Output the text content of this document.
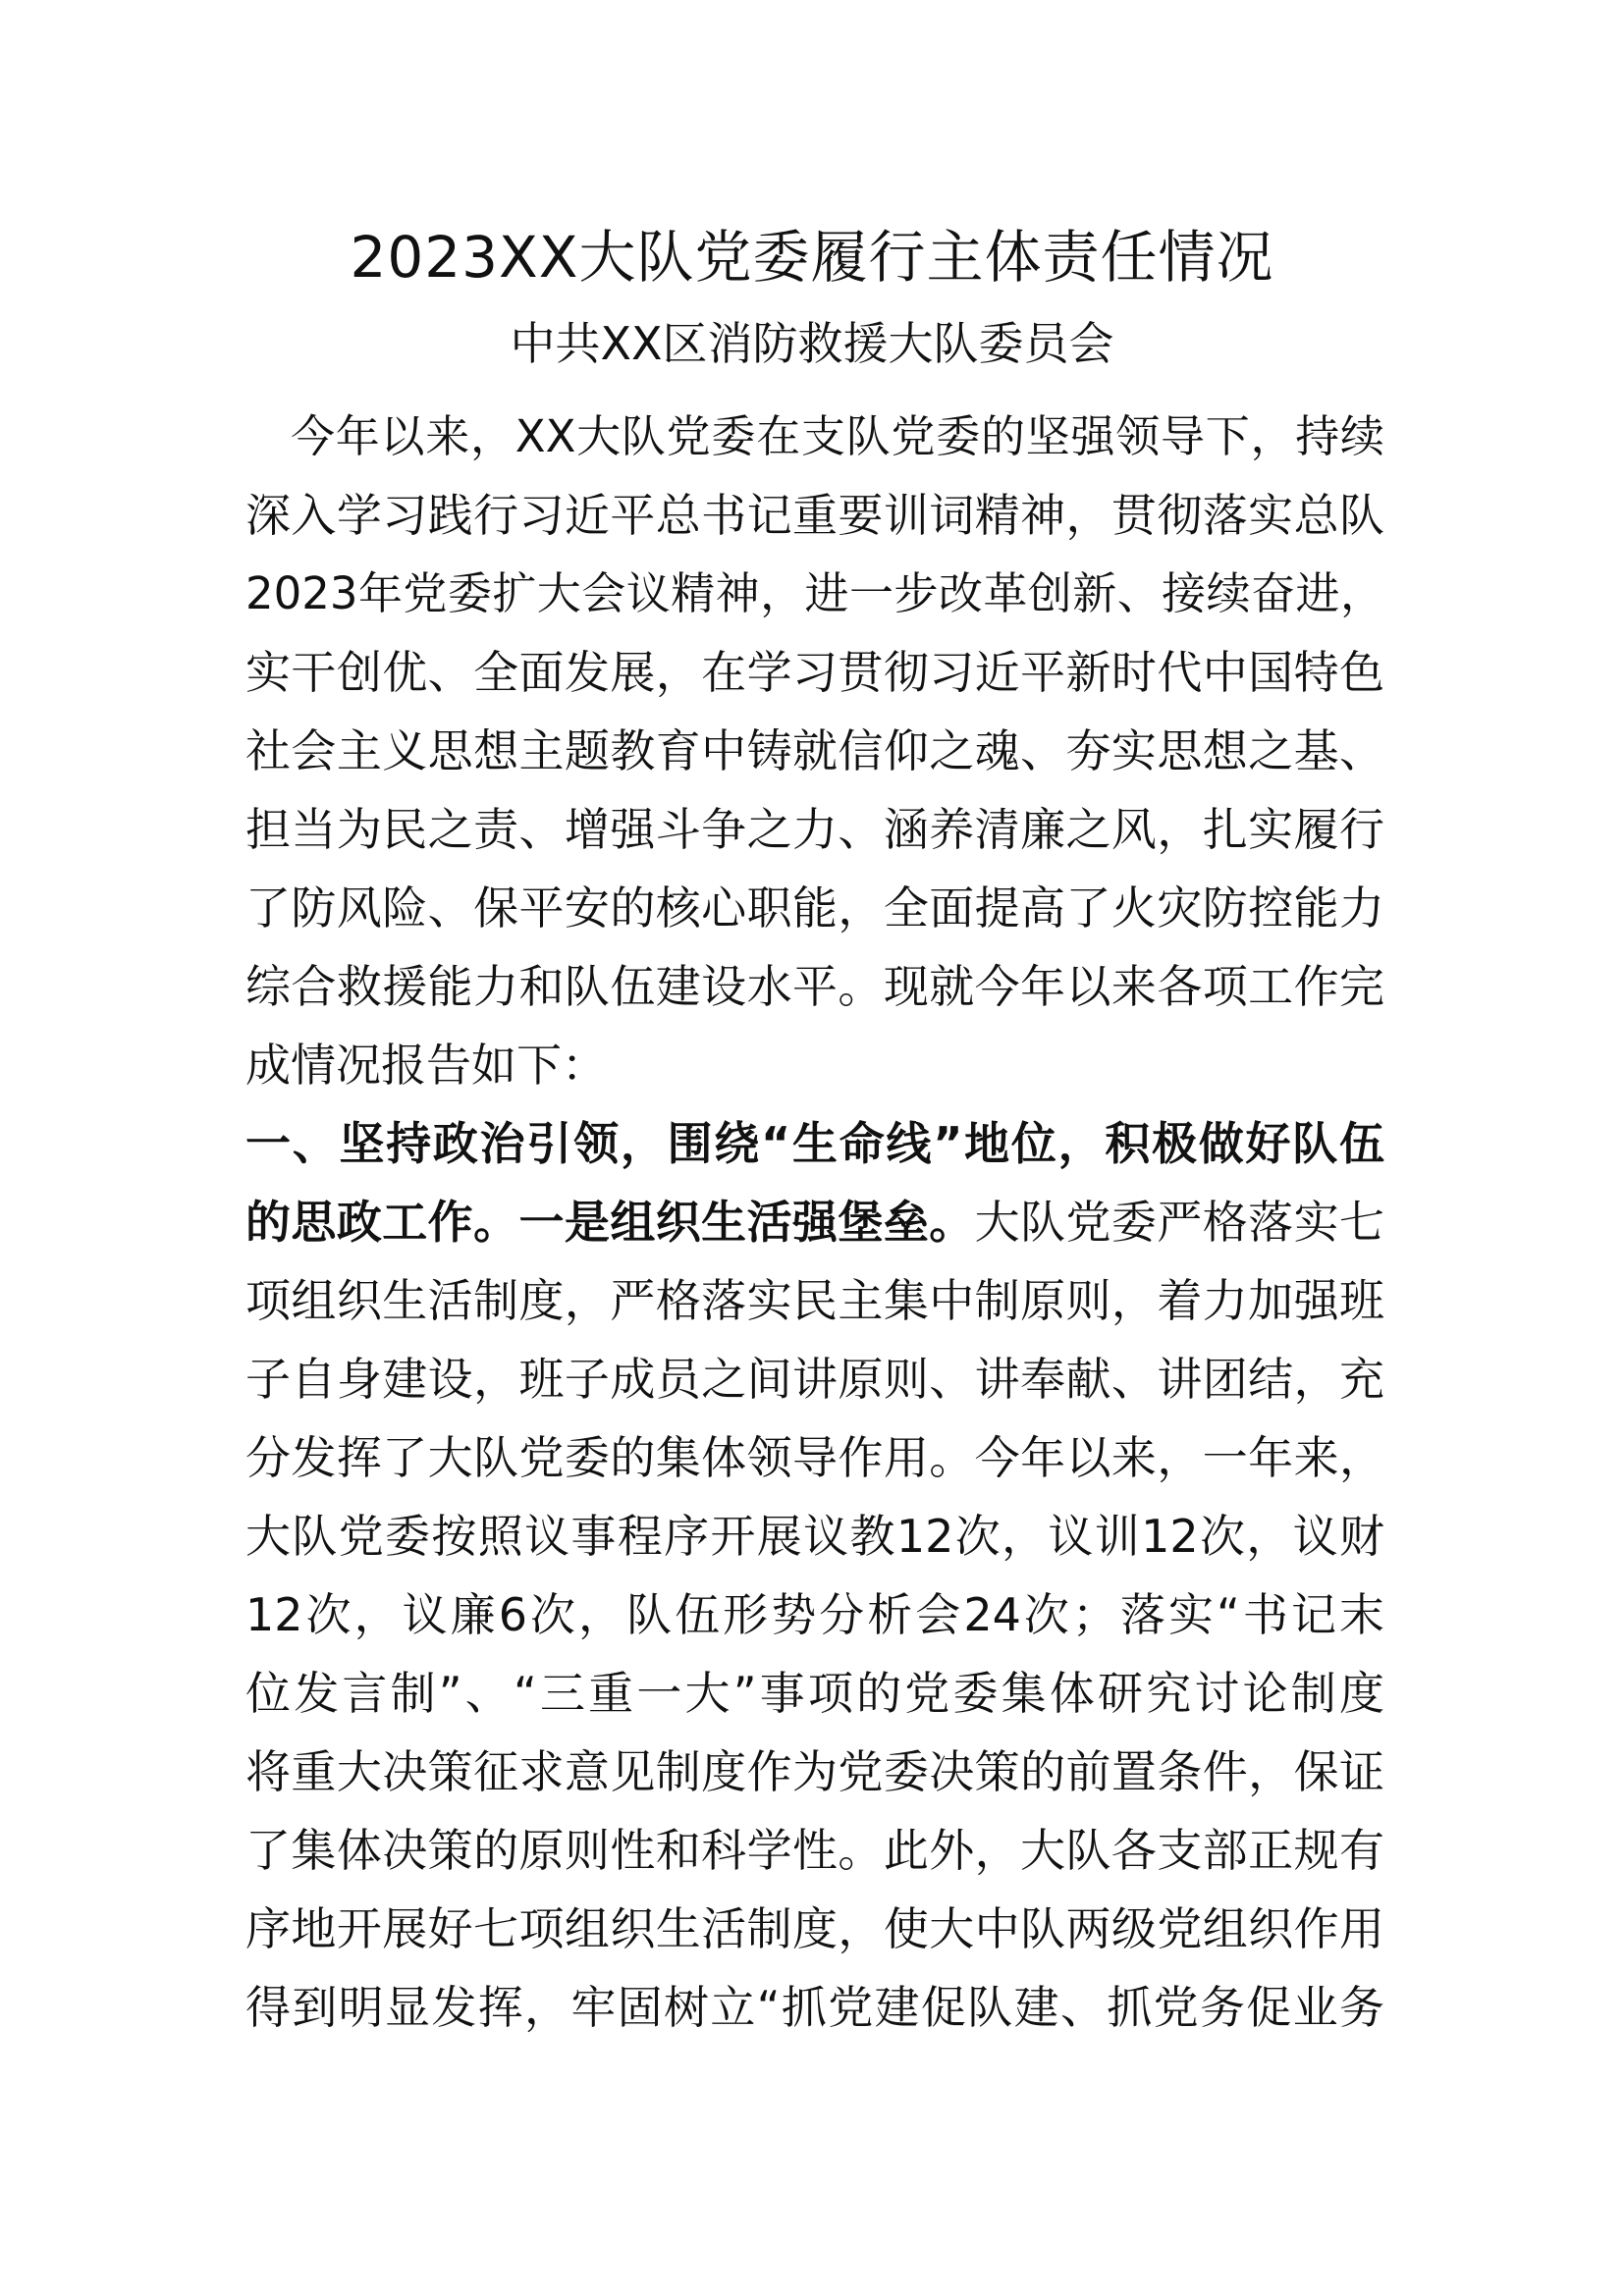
2023XX大队党委履行主体责任情况
中共XX区消防救援大队委员会
今年以来，XX大队党委在支队党委的坚强领导下，持续
深入学习践行习近平总书记重要训词精神，贯彻落实总队
2023年党委扩大会议精神，进一步改革创新、接续奋进，
实干创优、全面发展，在学习贯彻习近平新时代中国特色
社会主义思想主题教育中铸就信仰之魂、夯实思想之基、
担当为民之责、增强斗争之力、涵养清廉之风，扎实履行
了防风险、保平安的核心职能，全面提高了火灾防控能力
综合救援能力和队伍建设水平。现就今年以来各项工作完
成情况报告如下：
一、坚持政治引领，围绕“生命线”地位，积极做好队伍
的思政工作。一是组织生活强堡垒。大队党委严格落实七
项组织生活制度，严格落实民主集中制原则，着力加强班
子自身建设，班子成员之间讲原则、讲奉献、讲团结，充
分发挥了大队党委的集体领导作用。今年以来，一年来，
大队党委按照议事程序开展议教12次，议训12次，议财
12次，议廉6次，队伍形势分析会24次；落实“书记末
位发言制”、“三重一大”事项的党委集体研究讨论制度
将重大决策征求意见制度作为党委决策的前置条件，保证
了集体决策的原则性和科学性。此外，大队各支部正规有
序地开展好七项组织生活制度，使大中队两级党组织作用
得到明显发挥，牢固树立“抓党建促队建、抓党务促业务
